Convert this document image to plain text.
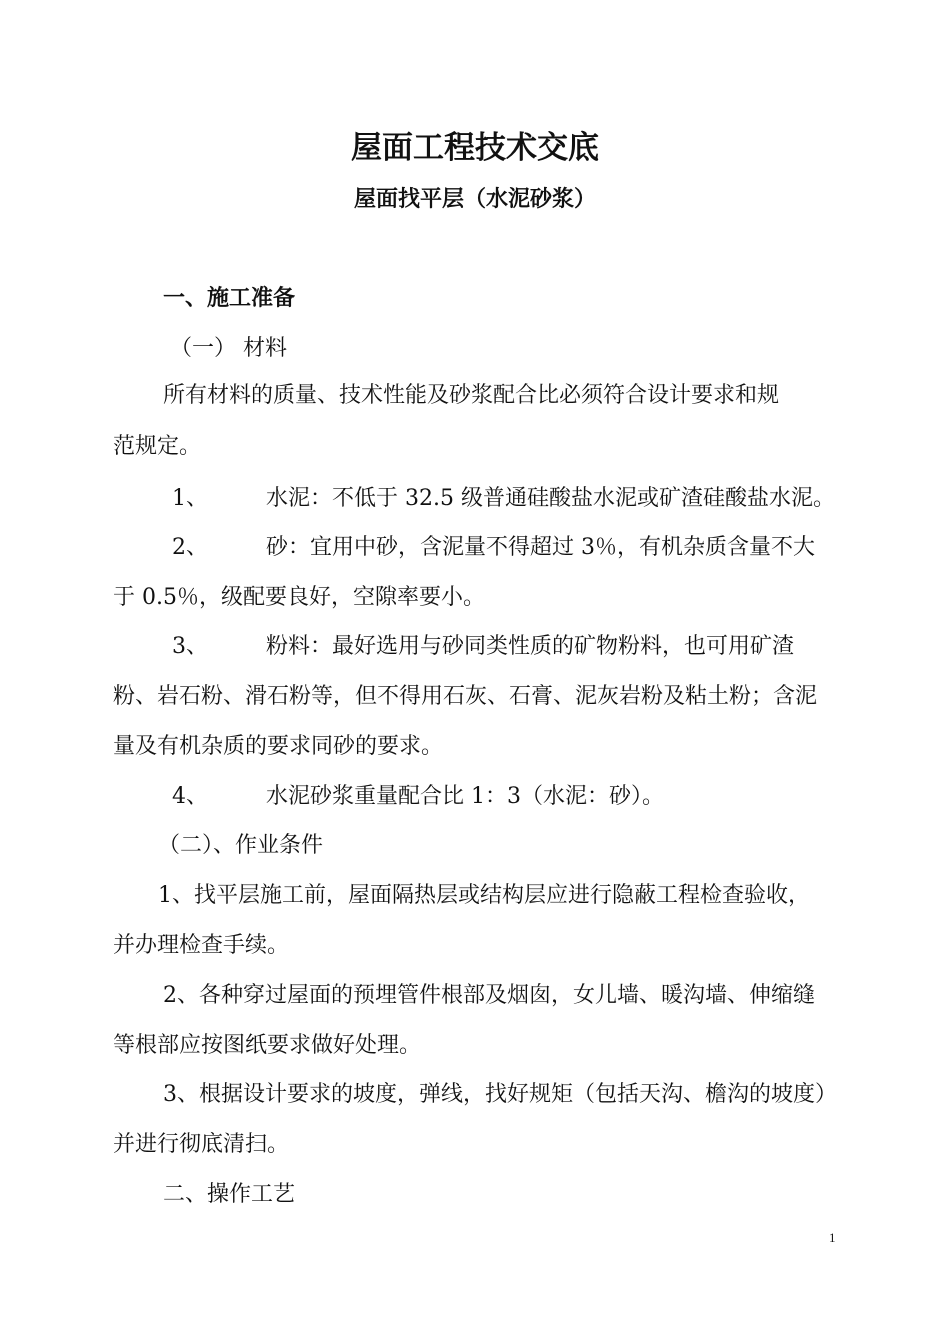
屋面工程技术交底
屋面找平层（水泥砂浆）
一、施工准备
（一） 材料
所有材料的质量、技术性能及砂浆配合比必须符合设计要求和规
范规定。
1、	水泥：不低于 32.5 级普通硅酸盐水泥或矿渣硅酸盐水泥。
2、	砂：宜用中砂，含泥量不得超过 3％，有机杂质含量不大
于 0.5％，级配要良好，空隙率要小。
3、	粉料：最好选用与砂同类性质的矿物粉料，也可用矿渣
粉、岩石粉、滑石粉等，但不得用石灰、石膏、泥灰岩粉及粘土粉；含泥
量及有机杂质的要求同砂的要求。
4、	水泥砂浆重量配合比 1：3（水泥：砂）。
（二）、作业条件
1、找平层施工前，屋面隔热层或结构层应进行隐蔽工程检查验收，
并办理检查手续。
2、各种穿过屋面的预埋管件根部及烟囱，女儿墙、暖沟墙、伸缩缝
等根部应按图纸要求做好处理。
3、根据设计要求的坡度，弹线，找好规矩（包括天沟、檐沟的坡度）
并进行彻底清扫。
二、操作工艺
1
